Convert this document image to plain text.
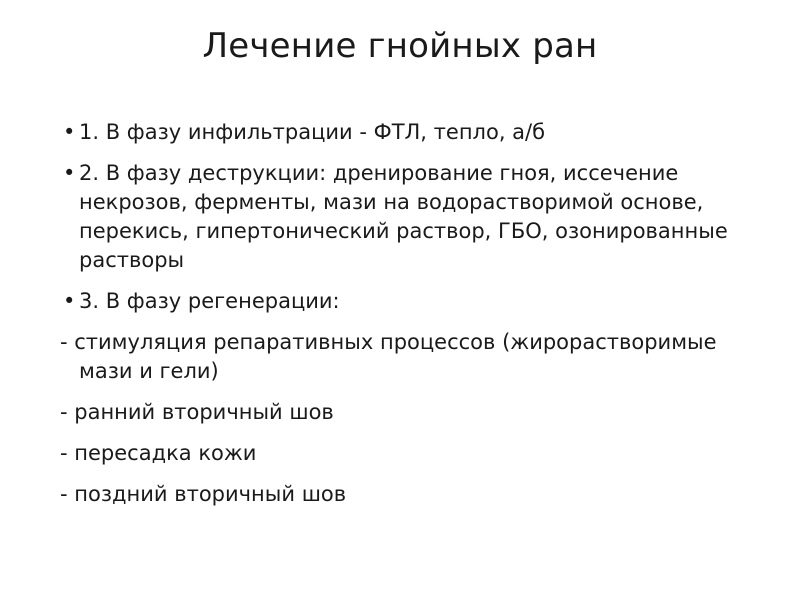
Лечение гнойных ран
• 1. В фазу инфильтрации - ФТЛ, тепло, а/б
• 2. В фазу деструкции: дренирование гноя, иссечение некрозов, ферменты, мази на водорастворимой основе, перекись, гипертонический раствор, ГБО, озонированные растворы
• 3. В фазу регенерации:
- стимуляция репаративных процессов (жирорастворимые мази и гели)
- ранний вторичный шов
- пересадка кожи
- поздний вторичный шов
